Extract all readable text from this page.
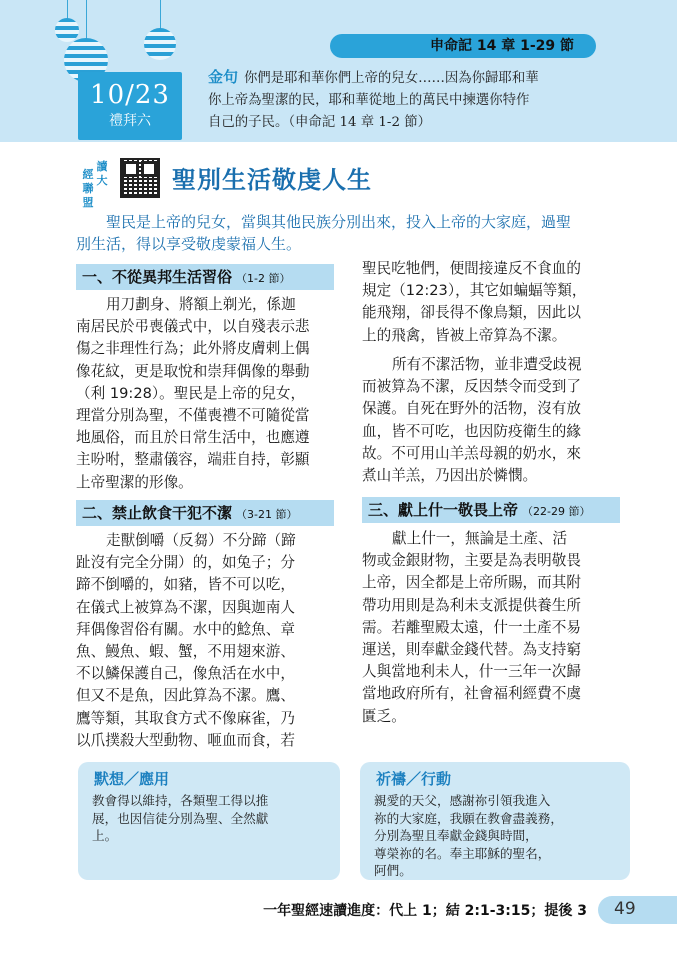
申命記 14 章 1-29 節
10/23
禮拜六
金句 你們是耶和華你們上帝的兒女……因為你歸耶和華
你上帝為聖潔的民，耶和華從地上的萬民中揀選你特作
自己的子民。（申命記 14 章 1-2 節）
讀大
經聯盟
聖別生活敬虔人生
聖民是上帝的兒女，當與其他民族分別出來，投入上帝的大家庭，過聖
別生活，得以享受敬虔蒙福人生。
一、不從異邦生活習俗 （1-2 節）
用刀劃身、將額上剃光，係迦
南居民於弔喪儀式中，以自殘表示悲
傷之非理性行為；此外將皮膚剌上偶
像花紋，更是取悅和崇拜偶像的舉動
（利 19:28）。聖民是上帝的兒女，
理當分別為聖，不僅喪禮不可隨從當
地風俗，而且於日常生活中，也應遵
主吩咐，整肅儀容，端莊自持，彰顯
上帝聖潔的形像。
二、禁止飲食干犯不潔 （3-21 節）
走獸倒嚼（反芻）不分蹄（蹄
趾沒有完全分開）的，如兔子；分
蹄不倒嚼的，如豬，皆不可以吃，
在儀式上被算為不潔，因與迦南人
拜偶像習俗有關。水中的鯰魚、章
魚、鰻魚、蝦、蟹，不用翅來游、
不以鱗保護自己，像魚活在水中，
但又不是魚，因此算為不潔。鷹、
鷹等類，其取食方式不像麻雀，乃
以爪撲殺大型動物、咂血而食，若
聖民吃牠們，便間接違反不食血的
規定（12:23），其它如蝙蝠等類，
能飛翔，卻長得不像鳥類，因此以
上的飛禽，皆被上帝算為不潔。
所有不潔活物，並非遭受歧視
而被算為不潔，反因禁令而受到了
保護。自死在野外的活物，沒有放
血，皆不可吃，也因防疫衛生的緣
故。不可用山羊羔母親的奶水，來
煮山羊羔，乃因出於憐憫。
三、獻上什一敬畏上帝 （22-29 節）
獻上什一，無論是土產、活
物或金銀財物，主要是為表明敬畏
上帝，因全都是上帝所賜，而其附
帶功用則是為利未支派提供養生所
需。若離聖殿太遠，什一土產不易
運送，則奉獻金錢代替。為支持窮
人與當地利未人，什一三年一次歸
當地政府所有，社會福利經費不虞
匱乏。
默想／應用
教會得以維持，各類聖工得以推
展，也因信徒分別為聖、全然獻
上。
祈禱／行動
親愛的天父，感謝祢引領我進入
祢的大家庭，我願在教會盡義務，
分別為聖且奉獻金錢與時間，
尊榮祢的名。奉主耶穌的聖名，
阿們。
一年聖經速讀進度：代上 1；結 2:1-3:15；提後 3 49
